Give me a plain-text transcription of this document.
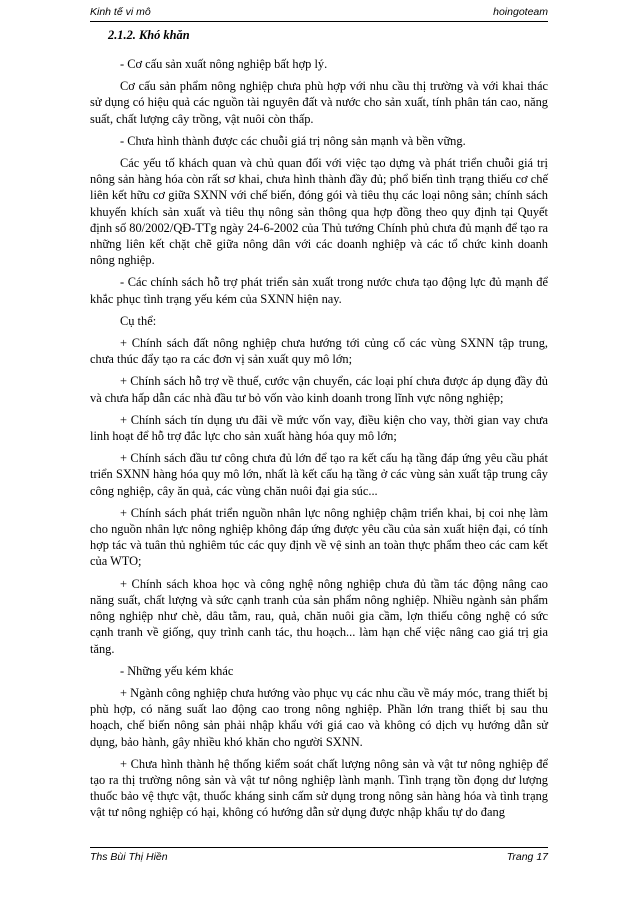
Kinh tế vi mô	hoingoteam
2.1.2. Khó khăn

- Cơ cấu sản xuất nông nghiệp bất hợp lý.

Cơ cấu sản phẩm nông nghiệp chưa phù hợp với nhu cầu thị trường và với khai thác sử dụng có hiệu quả các nguồn tài nguyên đất và nước cho sản xuất, tính phân tán cao, năng suất, chất lượng cây trồng, vật nuôi còn thấp.

- Chưa hình thành được các chuỗi giá trị nông sản mạnh và bền vững.

Các yếu tố khách quan và chủ quan đối với việc tạo dựng và phát triển chuỗi giá trị nông sản hàng hóa còn rất sơ khai, chưa hình thành đầy đủ; phổ biến tình trạng thiếu cơ chế liên kết hữu cơ giữa SXNN với chế biến, đóng gói và tiêu thụ các loại nông sản; chính sách khuyến khích sản xuất và tiêu thụ nông sản thông qua hợp đồng theo quy định tại Quyết định số 80/2002/QĐ-TTg ngày 24-6-2002 của Thủ tướng Chính phủ chưa đủ mạnh để tạo ra những liên kết chặt chẽ giữa nông dân với các doanh nghiệp và các tổ chức kinh doanh nông nghiệp.

- Các chính sách hỗ trợ phát triển sản xuất trong nước chưa tạo động lực đủ mạnh để khắc phục tình trạng yếu kém của SXNN hiện nay.

Cụ thể:

+ Chính sách đất nông nghiệp chưa hướng tới củng cố các vùng SXNN tập trung, chưa thúc đẩy tạo ra các đơn vị sản xuất quy mô lớn;

+ Chính sách hỗ trợ về thuế, cước vận chuyển, các loại phí chưa được áp dụng đầy đủ và chưa hấp dẫn các nhà đầu tư bỏ vốn vào kinh doanh trong lĩnh vực nông nghiệp;

+ Chính sách tín dụng ưu đãi về mức vốn vay, điều kiện cho vay, thời gian vay chưa linh hoạt để hỗ trợ đắc lực cho sản xuất hàng hóa quy mô lớn;

+ Chính sách đầu tư công chưa đủ lớn để tạo ra kết cấu hạ tầng đáp ứng yêu cầu phát triển SXNN hàng hóa quy mô lớn, nhất là kết cấu hạ tầng ở các vùng sản xuất tập trung cây công nghiệp, cây ăn quả, các vùng chăn nuôi đại gia súc...

+ Chính sách phát triển nguồn nhân lực nông nghiệp chậm triển khai, bị coi nhẹ làm cho nguồn nhân lực nông nghiệp không đáp ứng được yêu cầu của sản xuất hiện đại, có tính hợp tác và tuân thủ nghiêm túc các quy định về vệ sinh an toàn thực phẩm theo các cam kết của WTO;

+ Chính sách khoa học và công nghệ nông nghiệp chưa đủ tầm tác động nâng cao năng suất, chất lượng và sức cạnh tranh của sản phẩm nông nghiệp. Nhiều ngành sản phẩm nông nghiệp như chè, dâu tằm, rau, quả, chăn nuôi gia cầm, lợn thiếu công nghệ có sức cạnh tranh về giống, quy trình canh tác, thu hoạch... làm hạn chế việc nâng cao giá trị gia tăng.

- Những yếu kém khác

+ Ngành công nghiệp chưa hướng vào phục vụ các nhu cầu về máy móc, trang thiết bị phù hợp, có năng suất lao động cao trong nông nghiệp. Phần lớn trang thiết bị sau thu hoạch, chế biến nông sản phải nhập khẩu với giá cao và không có dịch vụ hướng dẫn sử dụng, bảo hành, gây nhiều khó khăn cho người SXNN.

+ Chưa hình thành hệ thống kiểm soát chất lượng nông sản và vật tư nông nghiệp để tạo ra thị trường nông sản và vật tư nông nghiệp lành mạnh. Tình trạng tồn đọng dư lượng thuốc bảo vệ thực vật, thuốc kháng sinh cấm sử dụng trong nông sản hàng hóa và tình trạng vật tư nông nghiệp có hại, không có hướng dẫn sử dụng được nhập khẩu tự do đang

Ths Bùi Thị Hiền	Trang 17
